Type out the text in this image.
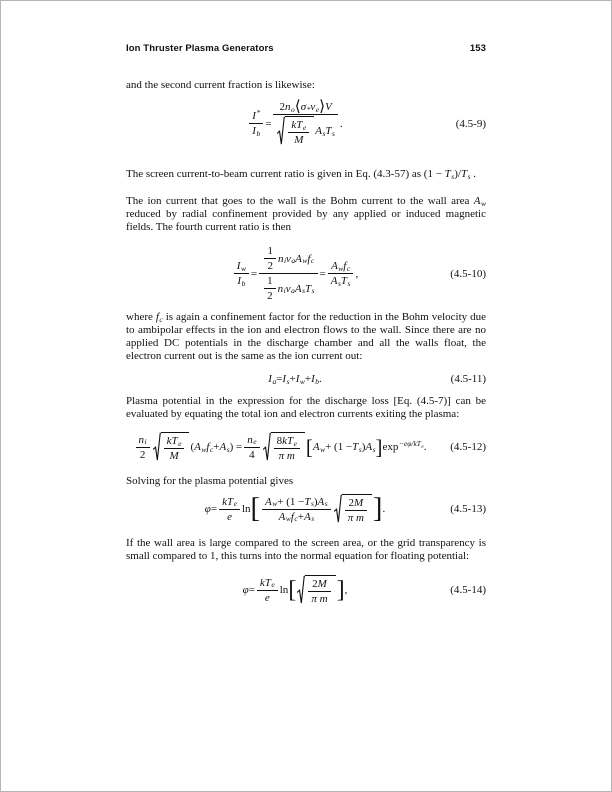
Ion Thruster Plasma Generators	153

and the second current fraction is likewise:

$\frac{I *}{\text{I b}}$ =
2 n o ⟨ σ * v e ⟩ V
kT e
M
A s T s
.	(4.5-9)

The screen current-to-beam current ratio is given in Eq. (4.3-57) as (1 − Ts)/Ts .

The ion current that goes to the wall is the Bohm current to the wall area Aw reduced by radial confinement provided by any applied or induced magnetic fields. The fourth current ratio is then

$\frac{\text{I w}}{\text{I b}}$ =
1
2
n i v a A w f c
1
2
n i v a A s T s
=
A w f c
A s T s
,	(4.5-10)

where fc is again a confinement factor for the reduction in the Bohm velocity due to ambipolar effects in the ion and electron flows to the wall. Since there are no applied DC potentials in the discharge chamber and all the walls float, the electron current out is the same as the ion current out:

I a = I s + I w + I b .	(4.5-11)

Plasma potential in the expression for the discharge loss [Eq. (4.5-7)] can be evaluated by equating the total ion and electron currents exiting the plasma:

n i
2
kT e
M
( A w f c + A s ) = $\frac{\text{n e}}{4} 8$ kT e
π m [ A w + (1 − T s ) A s ] exp −eφ/kTe .	(4.5-12)

Solving for the plasma potential gives

φ =
kT e
e
ln [ A w + (1 − T s ) A s
A w f c + A s
2 M
π m ] .	(4.5-13)

If the wall area is large compared to the screen area, or the grid transparency is small compared to 1, this turns into the normal equation for floating potential:

φ =
kT e
e
ln [ 2 M
π m ] ,	(4.5-14)
